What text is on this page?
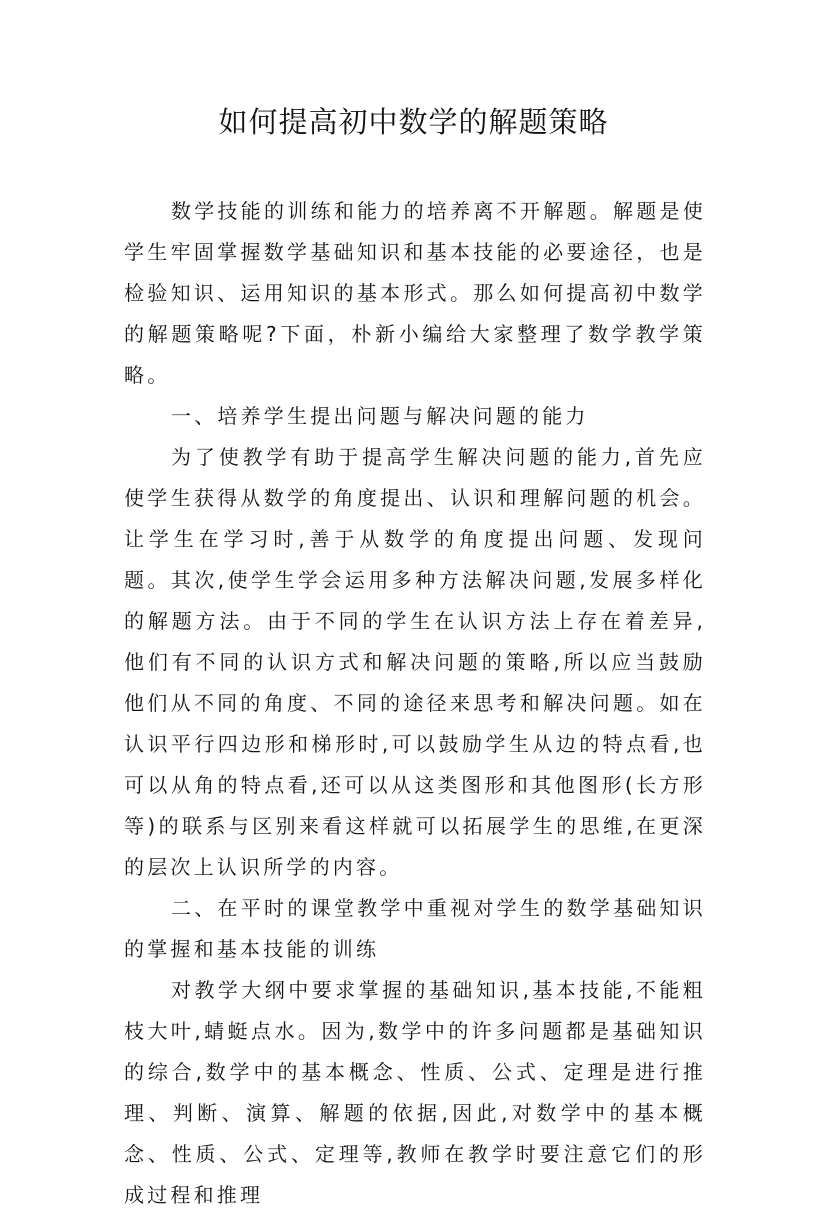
如何提高初中数学的解题策略

数学技能的训练和能力的培养离不开解题。解题是使学生牢固掌握数学基础知识和基本技能的必要途径，也是检验知识、运用知识的基本形式。那么如何提高初中数学的解题策略呢?下面，朴新小编给大家整理了数学教学策略。

一、培养学生提出问题与解决问题的能力

为了使教学有助于提高学生解决问题的能力,首先应使学生获得从数学的角度提出、认识和理解问题的机会。让学生在学习时,善于从数学的角度提出问题、发现问题。其次,使学生学会运用多种方法解决问题,发展多样化的解题方法。由于不同的学生在认识方法上存在着差异,他们有不同的认识方式和解决问题的策略,所以应当鼓励他们从不同的角度、不同的途径来思考和解决问题。如在认识平行四边形和梯形时,可以鼓励学生从边的特点看,也可以从角的特点看,还可以从这类图形和其他图形(长方形等)的联系与区别来看这样就可以拓展学生的思维,在更深的层次上认识所学的内容。

二、在平时的课堂教学中重视对学生的数学基础知识的掌握和基本技能的训练

对教学大纲中要求掌握的基础知识,基本技能,不能粗枝大叶,蜻蜓点水。因为,数学中的许多问题都是基础知识的综合,数学中的基本概念、性质、公式、定理是进行推理、判断、演算、解题的依据,因此,对数学中的基本概念、性质、公式、定理等,教师在教学时要注意它们的形成过程和推理
